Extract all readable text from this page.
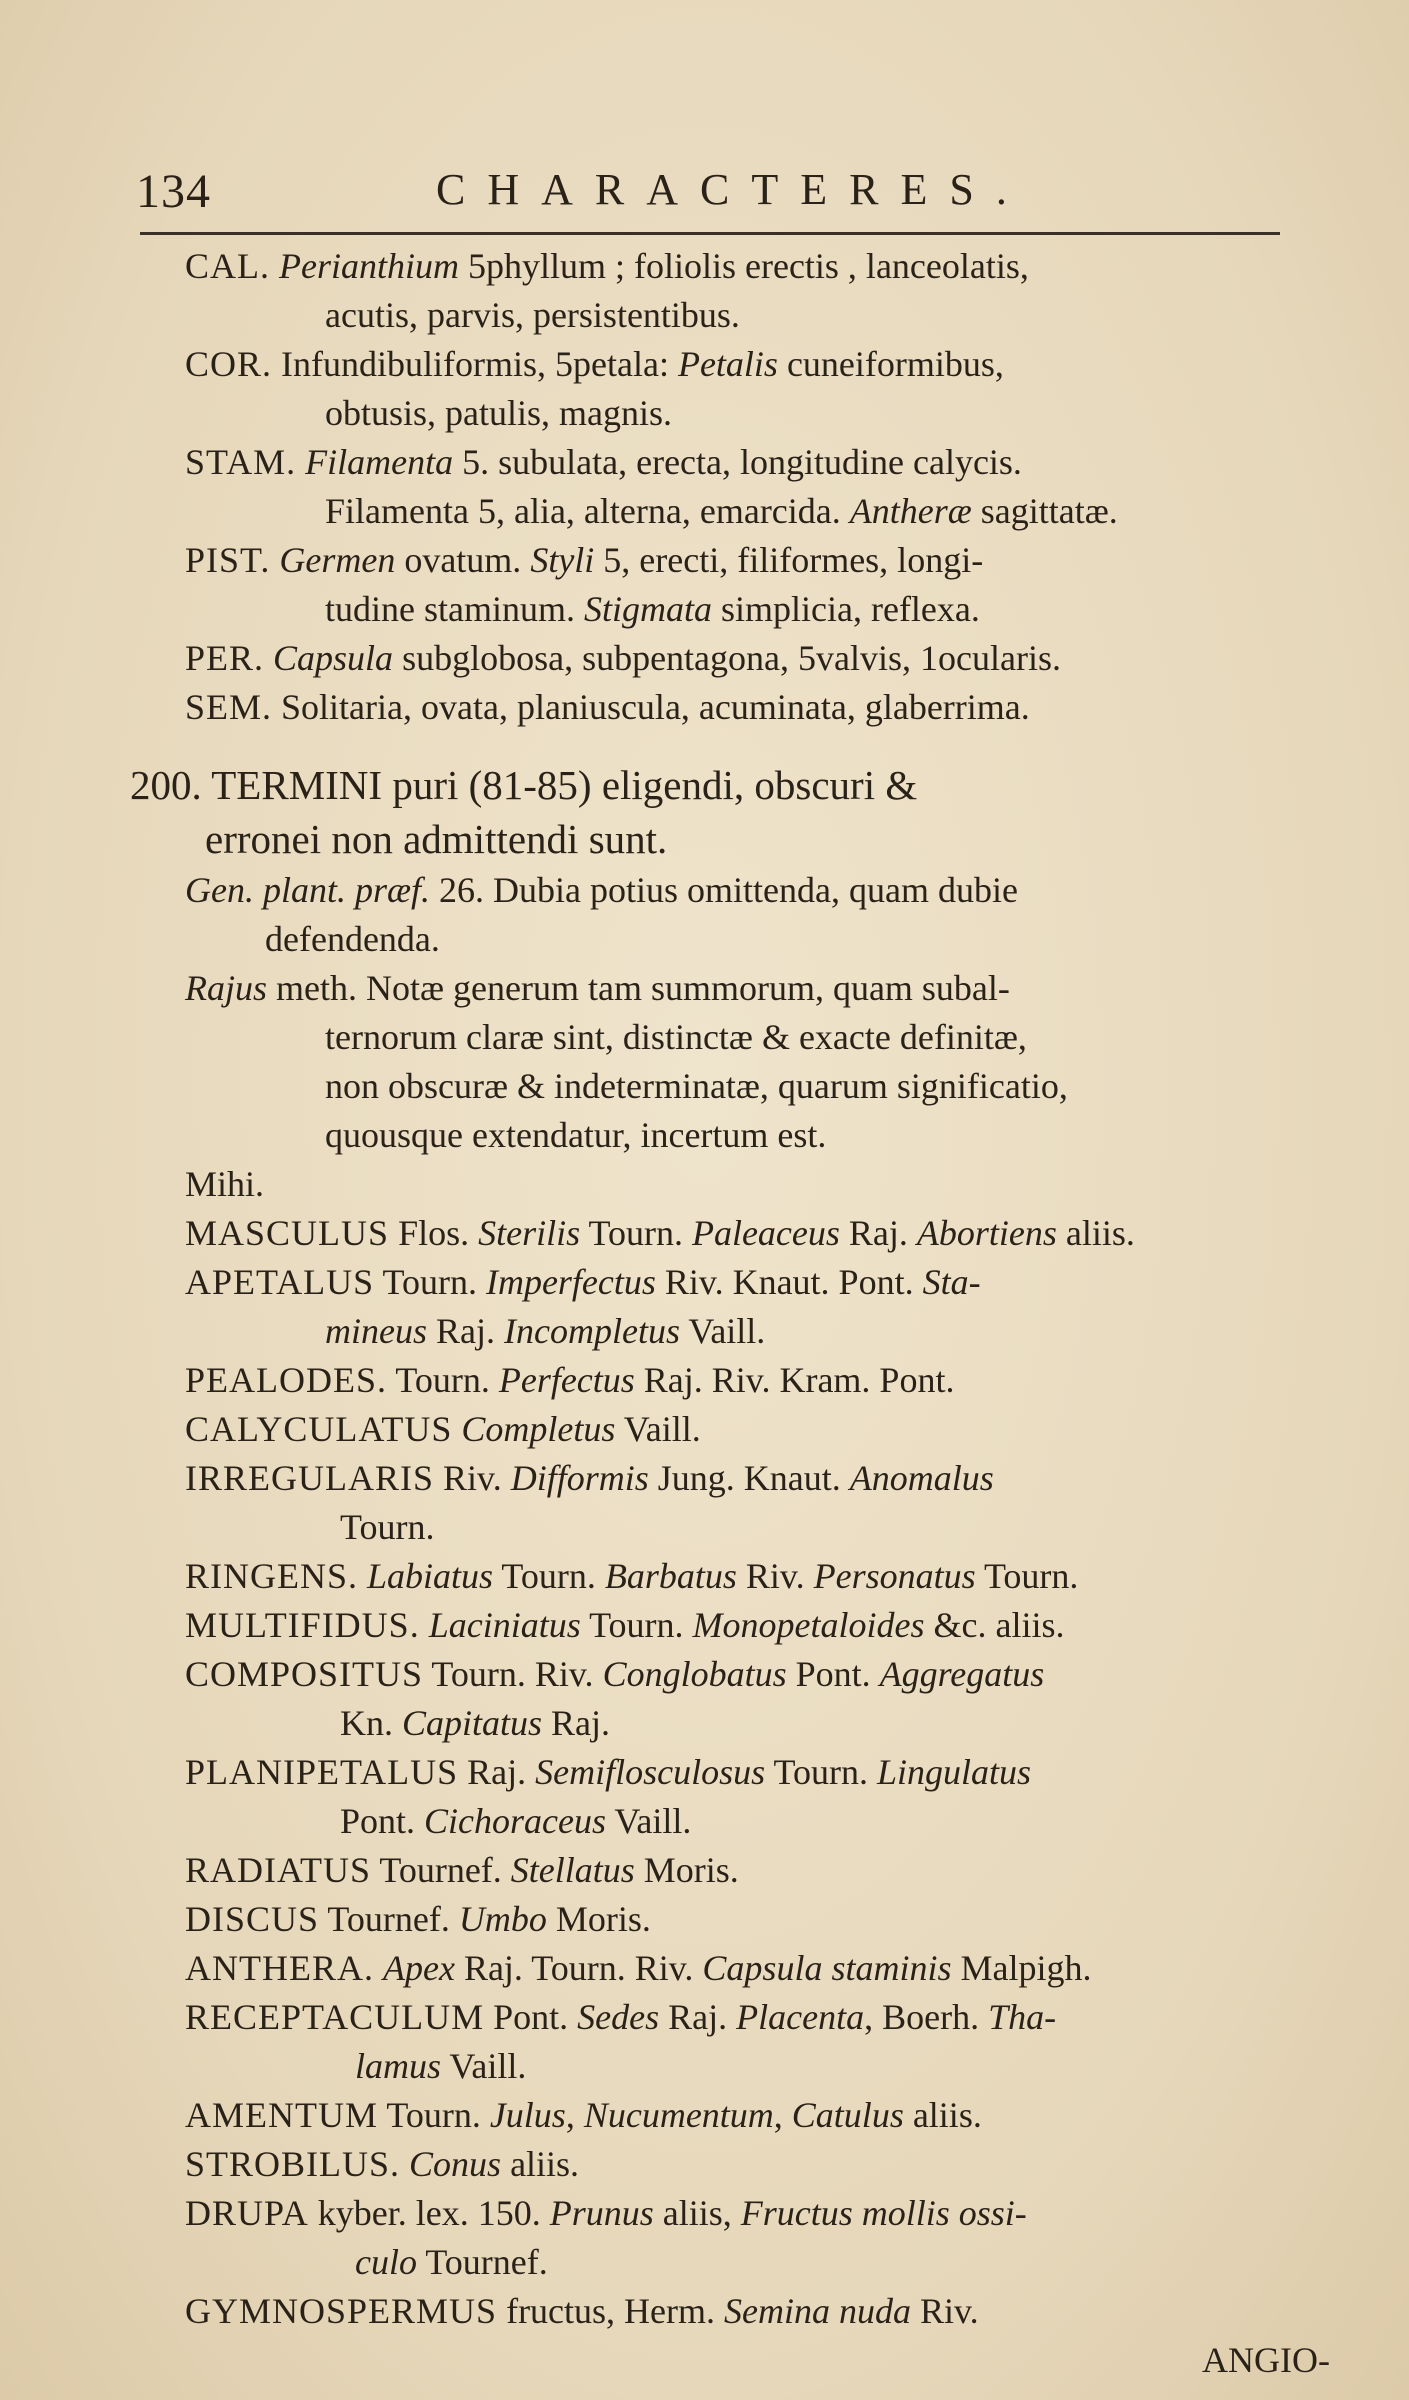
134	CHARACTERES.
CAL. Perianthium 5phyllum ; foliolis erectis , lanceolatis,
acutis, parvis, persistentibus.
COR. Infundibuliformis, 5petala: Petalis cuneiformibus,
obtusis, patulis, magnis.
STAM. Filamenta 5. subulata, erecta, longitudine calycis.
Filamenta 5, alia, alterna, emarcida. Antheræ sagittatæ.
PIST. Germen ovatum. Styli 5, erecti, filiformes, longi-
tudine staminum. Stigmata simplicia, reflexa.
PER. Capsula subglobosa, subpentagona, 5valvis, 1ocularis.
SEM. Solitaria, ovata, planiusculа, acuminata, glaberrima.
200. TERMINI puri (81-85) eligendi, obscuri &
erronei non admittendi sunt.
Gen. plant. præf. 26. Dubia potius omittenda, quam dubie
defendenda.
Rajus meth. Notæ generum tam summorum, quam subal-
ternorum claræ sint, distinctæ & exacte definitæ,
non obscuræ & indeterminatæ, quarum significatio,
quousque extendatur, incertum est.
Mihi.
MASCULUS Flos. Sterilis Tourn. Paleaceus Raj. Abortiens aliis.
APETALUS Tourn. Imperfectus Riv. Knaut. Pont. Sta-
mineus Raj. Incompletus Vaill.
PEALODES. Tourn. Perfectus Raj. Riv. Kram. Pont.
CALYCULATUS Completus Vaill.
IRREGULARIS Riv. Difformis Jung. Knaut. Anomalus
Tourn.
RINGENS. Labiatus Tourn. Barbatus Riv. Personatus Tourn.
MULTIFIDUS. Laciniatus Tourn. Monopetaloides &c. aliis.
COMPOSITUS Tourn. Riv. Conglobatus Pont. Aggregatus
Kn. Capitatus Raj.
PLANIPETALUS Raj. Semiflosculosus Tourn. Lingulatus
Pont. Cichoraceus Vaill.
RADIATUS Tournef. Stellatus Moris.
DISCUS Tournef. Umbo Moris.
ANTHERA. Apex Raj. Tourn. Riv. Capsula staminis Malpigh.
RECEPTACULUM Pont. Sedes Raj. Placenta, Boerh. Tha-
lamus Vaill.
AMENTUM Tourn. Julus, Nucumentum, Catulus aliis.
STROBILUS. Conus aliis.
DRUPA kyber. lex. 150. Prunus aliis, Fructus mollis ossi-
culo Tournef.
GYMNOSPERMUS fructus, Herm. Semina nuda Riv.
ANGIO-
